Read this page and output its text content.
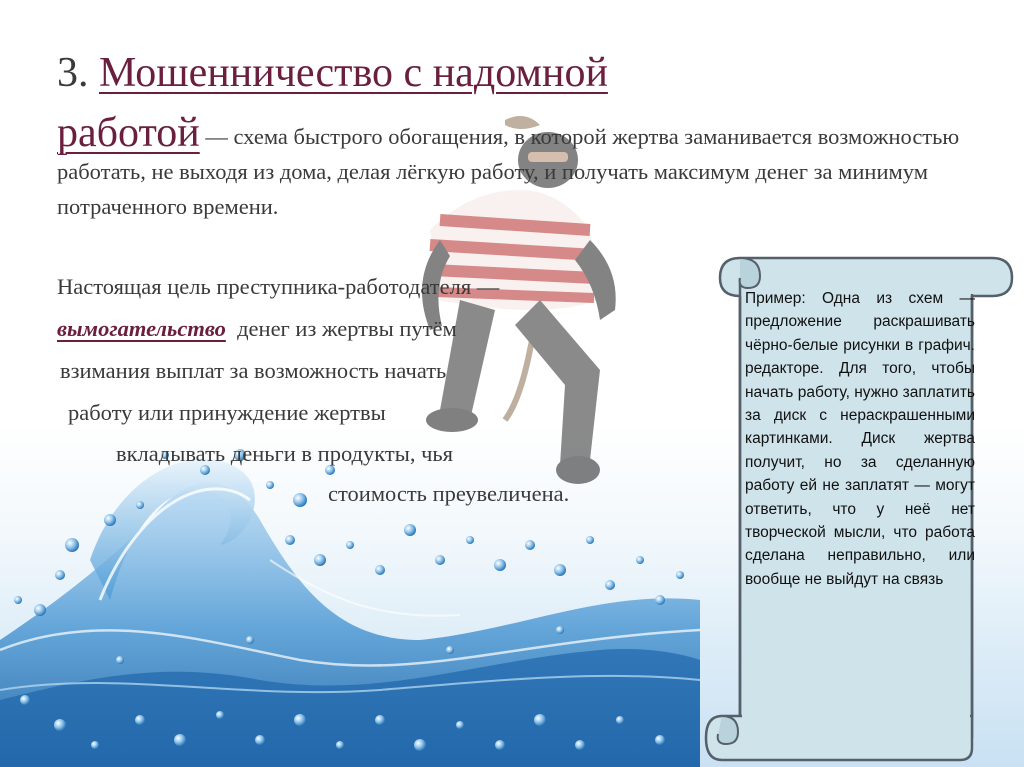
3. Мошенничество с надомной

работой — схема быстрого обогащения, в которой жертва заманивается возможностью работать, не выходя из дома, делая лёгкую работу, и получать максимум денег за минимум потраченного времени.

Настоящая цель преступника-работодателя —

вымогательство денег из жертвы путём

взимания выплат за возможность начать

работу или принуждение жертвы

вкладывать деньги в продукты, чья

стоимость преувеличена.

Пример: Одна из схем — предложение раскрашивать чёрно-белые рисунки в графич. редакторе. Для того, чтобы начать работу, нужно заплатить за диск с нераскрашенными картинками. Диск жертва получит, но за сделанную работу ей не заплатят — могут ответить, что у неё нет творческой мысли, что работа сделана неправильно, или вообще не выйдут на связь
